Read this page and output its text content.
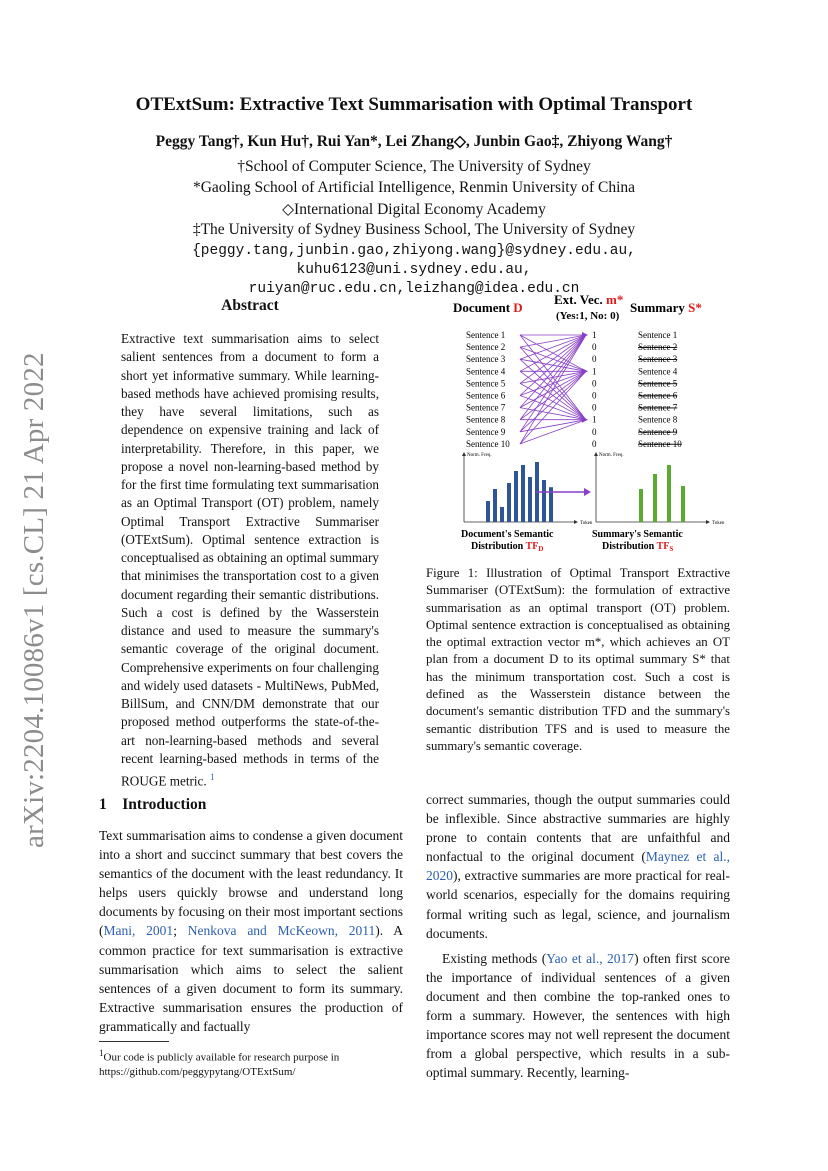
arXiv:2204.10086v1 [cs.CL] 21 Apr 2022
OTExtSum: Extractive Text Summarisation with Optimal Transport
Peggy Tang†, Kun Hu†, Rui Yan*, Lei Zhang◇, Junbin Gao‡, Zhiyong Wang†
†School of Computer Science, The University of Sydney
*Gaoling School of Artificial Intelligence, Renmin University of China
◇International Digital Economy Academy
‡The University of Sydney Business School, The University of Sydney
{peggy.tang,junbin.gao,zhiyong.wang}@sydney.edu.au,
kuhu6123@uni.sydney.edu.au,
ruiyan@ruc.edu.cn,leizhang@idea.edu.cn
Abstract
Extractive text summarisation aims to select salient sentences from a document to form a short yet informative summary. While learning-based methods have achieved promising results, they have several limitations, such as dependence on expensive training and lack of interpretability. Therefore, in this paper, we propose a novel non-learning-based method by for the first time formulating text summarisation as an Optimal Transport (OT) problem, namely Optimal Transport Extractive Summariser (OTExtSum). Optimal sentence extraction is conceptualised as obtaining an optimal summary that minimises the transportation cost to a given document regarding their semantic distributions. Such a cost is defined by the Wasserstein distance and used to measure the summary's semantic coverage of the original document. Comprehensive experiments on four challenging and widely used datasets - MultiNews, PubMed, BillSum, and CNN/DM demonstrate that our proposed method outperforms the state-of-the-art non-learning-based methods and several recent learning-based methods in terms of the ROUGE metric. $^1$
Document D
Ext. Vec. m*
(Yes:1, No: 0)
Summary S*
Sentence 1
Sentence 2
Sentence 3
Sentence 4
Sentence 5
Sentence 6
Sentence 7
Sentence 8
Sentence 9
Sentence 10
1
0
0
1
0
0
0
1
0
0
Sentence 1
Sentence 2
Sentence 3
Sentence 4
Sentence 5
Sentence 6
Sentence 7
Sentence 8
Sentence 9
Sentence 10
Norm. Freq.
Token
Norm. Freq.
Token
Document's Semantic
Distribution $TF_D$
Summary's Semantic
Distribution $TF_S$
Figure 1: Illustration of Optimal Transport Extractive Summariser (OTExtSum): the formulation of extractive summarisation as an optimal transport (OT) problem. Optimal sentence extraction is conceptualised as obtaining the optimal extraction vector m*, which achieves an OT plan from a document D to its optimal summary S* that has the minimum transportation cost. Such a cost is defined as the Wasserstein distance between the document's semantic distribution TFD and the summary's semantic distribution TFS and is used to measure the summary's semantic coverage.
1 Introduction
Text summarisation aims to condense a given document into a short and succinct summary that best covers the semantics of the document with the least redundancy. It helps users quickly browse and understand long documents by focusing on their most important sections (Mani, 2001; Nenkova and McKeown, 2011). A common practice for text summarisation is extractive summarisation which aims to select the salient sentences of a given document to form its summary. Extractive summarisation ensures the production of grammatically and factually
$^1$Our code is publicly available for research purpose in https://github.com/peggypytang/OTExtSum/
correct summaries, though the output summaries could be inflexible. Since abstractive summaries are highly prone to contain contents that are unfaithful and nonfactual to the original document (Maynez et al., 2020), extractive summaries are more practical for real-world scenarios, especially for the domains requiring formal writing such as legal, science, and journalism documents.
Existing methods (Yao et al., 2017) often first score the importance of individual sentences of a given document and then combine the top-ranked ones to form a summary. However, the sentences with high importance scores may not well represent the document from a global perspective, which results in a sub-optimal summary. Recently, learning-
